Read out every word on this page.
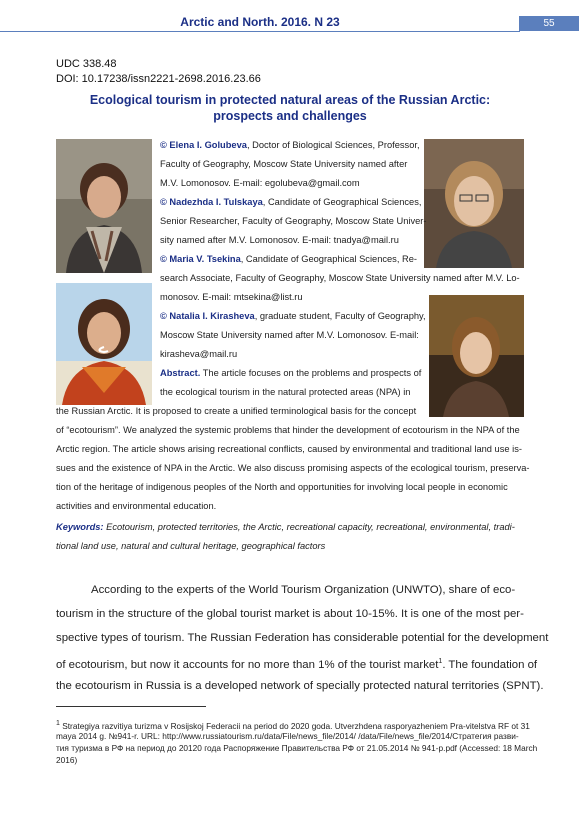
Arctic and North. 2016. N 23	55
UDC 338.48
DOI: 10.17238/issn2221-2698.2016.23.66
Ecological tourism in protected natural areas of the Russian Arctic:
prospects and challenges
© Elena I. Golubeva, Doctor of Biological Sciences, Professor,
Faculty of Geography, Moscow State University named after
M.V. Lomonosov. E-mail: egolubeva@gmail.com
© Nadezhda I. Tulskaya, Candidate of Geographical Sciences,
Senior Researcher, Faculty of Geography, Moscow State Univer-
sity named after M.V. Lomonosov. E-mail: tnadya@mail.ru
© Maria V. Tsekina, Candidate of Geographical Sciences, Re-
search Associate, Faculty of Geography, Moscow State University named after M.V. Lo-
monosov. E-mail: mtsekina@list.ru
© Natalia I. Kirasheva, graduate student, Faculty of Geography,
Moscow State University named after M.V. Lomonosov. E-mail:
kirasheva@mail.ru
Abstract. The article focuses on the problems and prospects of
the ecological tourism in the natural protected areas (NPA) in
the Russian Arctic. It is proposed to create a unified terminological basis for the concept
of “ecotourism”. We analyzed the systemic problems that hinder the development of ecotourism in the NPA of the
Arctic region. The article shows arising recreational conflicts, caused by environmental and traditional land use is-
sues and the existence of NPA in the Arctic. We also discuss promising aspects of the ecological tourism, preserva-
tion of the heritage of indigenous peoples of the North and opportunities for involving local people in economic
activities and environmental education.
Keywords: Ecotourism, protected territories, the Arctic, recreational capacity, recreational, environmental, tradi-
tional land use, natural and cultural heritage, geographical factors
According to the experts of the World Tourism Organization (UNWTO), share of eco-
tourism in the structure of the global tourist market is about 10-15%. It is one of the most per-
spective types of tourism. The Russian Federation has considerable potential for the development
of ecotourism, but now it accounts for no more than 1% of the tourist market$^1$. The foundation of
the ecotourism in Russia is a developed network of specially protected natural territories (SPNT).
$^1$ Strategiya razvitiya turizma v Rosijskoj Federacii na period do 2020 goda. Utverzhdena rasporyazheniem Pra-vitelstva RF ot 31
maya 2014 g. №941-r. URL: http://www.russiatourism.ru/data/File/news_file/2014/ /data/File/news_file/2014/Стратегия разви-
тия туризма в РФ на период до 20120 года Распоряжение Правительства РФ от 21.05.2014 № 941-р.pdf (Accessed: 18 March
2016)
